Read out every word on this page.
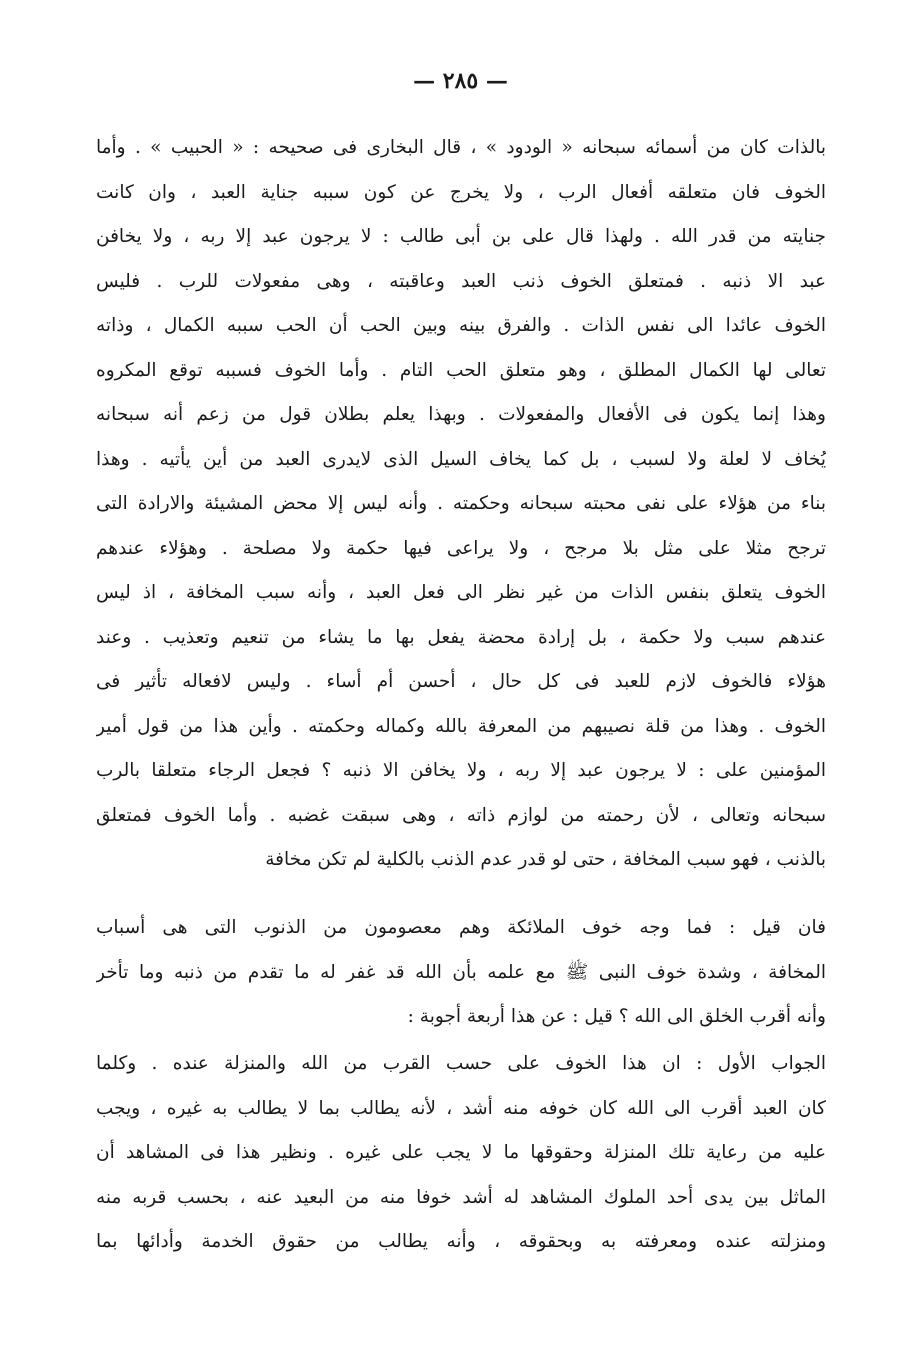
— ٢٨٥ —
بالذات كان من أسمائه سبحانه « الودود » ، قال البخارى فى صحيحه : « الحبيب » . وأما
الخوف فان متعلقه أفعال الرب ، ولا يخرج عن كون سببه جناية العبد ، وان كانت
جنايته من قدر الله . ولهذا قال على بن أبى طالب : لا يرجون عبد إلا ربه ، ولا يخافن
عبد الا ذنبه . فمتعلق الخوف ذنب العبد وعاقبته ، وهى مفعولات للرب . فليس
الخوف عائدا الى نفس الذات . والفرق بينه وبين الحب أن الحب سببه الكمال ، وذاته
تعالى لها الكمال المطلق ، وهو متعلق الحب التام . وأما الخوف فسببه توقع المكروه
وهذا إنما يكون فى الأفعال والمفعولات . وبهذا يعلم بطلان قول من زعم أنه سبحانه
يُخاف لا لعلة ولا لسبب ، بل كما يخاف السيل الذى لايدرى العبد من أين يأتيه . وهذا
بناء من هؤلاء على نفى محبته سبحانه وحكمته . وأنه ليس إلا محض المشيئة والارادة التى
ترجح مثلا على مثل بلا مرجح ، ولا يراعى فيها حكمة ولا مصلحة . وهؤلاء عندهم
الخوف يتعلق بنفس الذات من غير نظر الى فعل العبد ، وأنه سبب المخافة ، اذ ليس
عندهم سبب ولا حكمة ، بل إرادة محضة يفعل بها ما يشاء من تنعيم وتعذيب . وعند
هؤلاء فالخوف لازم للعبد فى كل حال ، أحسن أم أساء . وليس لافعاله تأثير فى
الخوف . وهذا من قلة نصيبهم من المعرفة بالله وكماله وحكمته . وأين هذا من قول أمير
المؤمنين على : لا يرجون عبد إلا ربه ، ولا يخافن الا ذنبه ؟ فجعل الرجاء متعلقا بالرب
سبحانه وتعالى ، لأن رحمته من لوازم ذاته ، وهى سبقت غضبه . وأما الخوف فمتعلق
بالذنب ، فهو سبب المخافة ، حتى لو قدر عدم الذنب بالكلية لم تكن مخافة
فان قيل : فما وجه خوف الملائكة وهم معصومون من الذنوب التى هى أسباب
المخافة ، وشدة خوف النبى ﷺ مع علمه بأن الله قد غفر له ما تقدم من ذنبه وما تأخر
وأنه أقرب الخلق الى الله ؟ قيل : عن هذا أربعة أجوبة :
الجواب الأول : ان هذا الخوف على حسب القرب من الله والمنزلة عنده . وكلما
كان العبد أقرب الى الله كان خوفه منه أشد ، لأنه يطالب بما لا يطالب به غيره ، ويجب
عليه من رعاية تلك المنزلة وحقوقها ما لا يجب على غيره . ونظير هذا فى المشاهد أن
الماثل بين يدى أحد الملوك المشاهد له أشد خوفا منه من البعيد عنه ، بحسب قربه منه
ومنزلته عنده ومعرفته به وبحقوقه ، وأنه يطالب من حقوق الخدمة وأدائها بما
